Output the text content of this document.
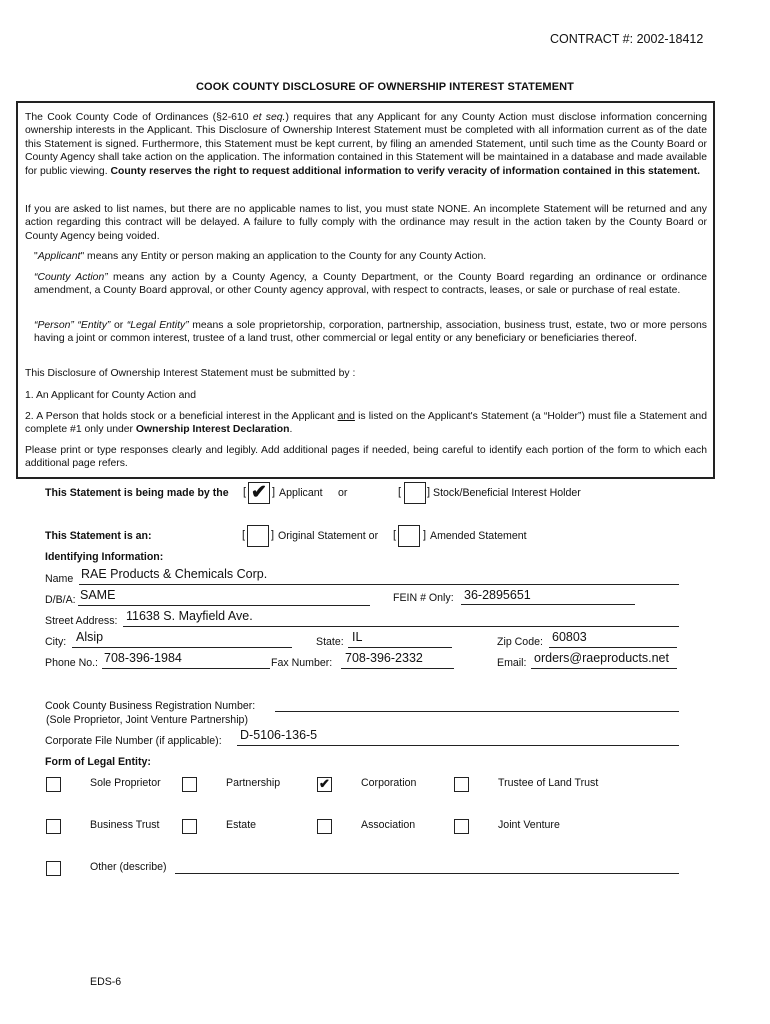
CONTRACT #: 2002-18412
COOK COUNTY DISCLOSURE OF OWNERSHIP INTEREST STATEMENT

The Cook County Code of Ordinances (§2-610 et seq.) requires that any Applicant for any County Action must disclose information concerning ownership interests in the Applicant. This Disclosure of Ownership Interest Statement must be completed with all information current as of the date this Statement is signed. Furthermore, this Statement must be kept current, by filing an amended Statement, until such time as the County Board or County Agency shall take action on the application. The information contained in this Statement will be maintained in a database and made available for public viewing. County reserves the right to request additional information to verify veracity of information contained in this statement.

If you are asked to list names, but there are no applicable names to list, you must state NONE. An incomplete Statement will be returned and any action regarding this contract will be delayed. A failure to fully comply with the ordinance may result in the action taken by the County Board or County Agency being voided.

"Applicant" means any Entity or person making an application to the County for any County Action.

“County Action” means any action by a County Agency, a County Department, or the County Board regarding an ordinance or ordinance amendment, a County Board approval, or other County agency approval, with respect to contracts, leases, or sale or purchase of real estate.

“Person” “Entity” or “Legal Entity” means a sole proprietorship, corporation, partnership, association, business trust, estate, two or more persons having a joint or common interest, trustee of a land trust, other commercial or legal entity or any beneficiary or beneficiaries thereof.

This Disclosure of Ownership Interest Statement must be submitted by :

1. An Applicant for County Action and

2. A Person that holds stock or a beneficial interest in the Applicant and is listed on the Applicant's Statement (a “Holder”) must file a Statement and complete #1 only under Ownership Interest Declaration.

Please print or type responses clearly and legibly. Add additional pages if needed, being careful to identify each portion of the form to which each additional page refers.

This Statement is being made by the [ ✔ ] Applicant or	[ ] Stock/Beneficial Interest Holder
This Statement is an:	[ ] Original Statement or [ ] Amended Statement
Identifying Information:
Name RAE Products & Chemicals Corp.
D/B/A: SAME	FEIN # Only: 36-2895651
Street Address: 11638 S. Mayfield Ave.
City: Alsip	State: IL	Zip Code: 60803
Phone No.: 708-396-1984	Fax Number: 708-396-2332	Email: orders@raeproducts.net
Cook County Business Registration Number:
(Sole Proprietor, Joint Venture Partnership)
Corporate File Number (if applicable): D-5106-136-5
Form of Legal Entity:
Sole Proprietor	Partnership	✔	Corporation	Trustee of Land Trust
Business Trust	Estate	Association	Joint Venture
Other (describe)
EDS-6
